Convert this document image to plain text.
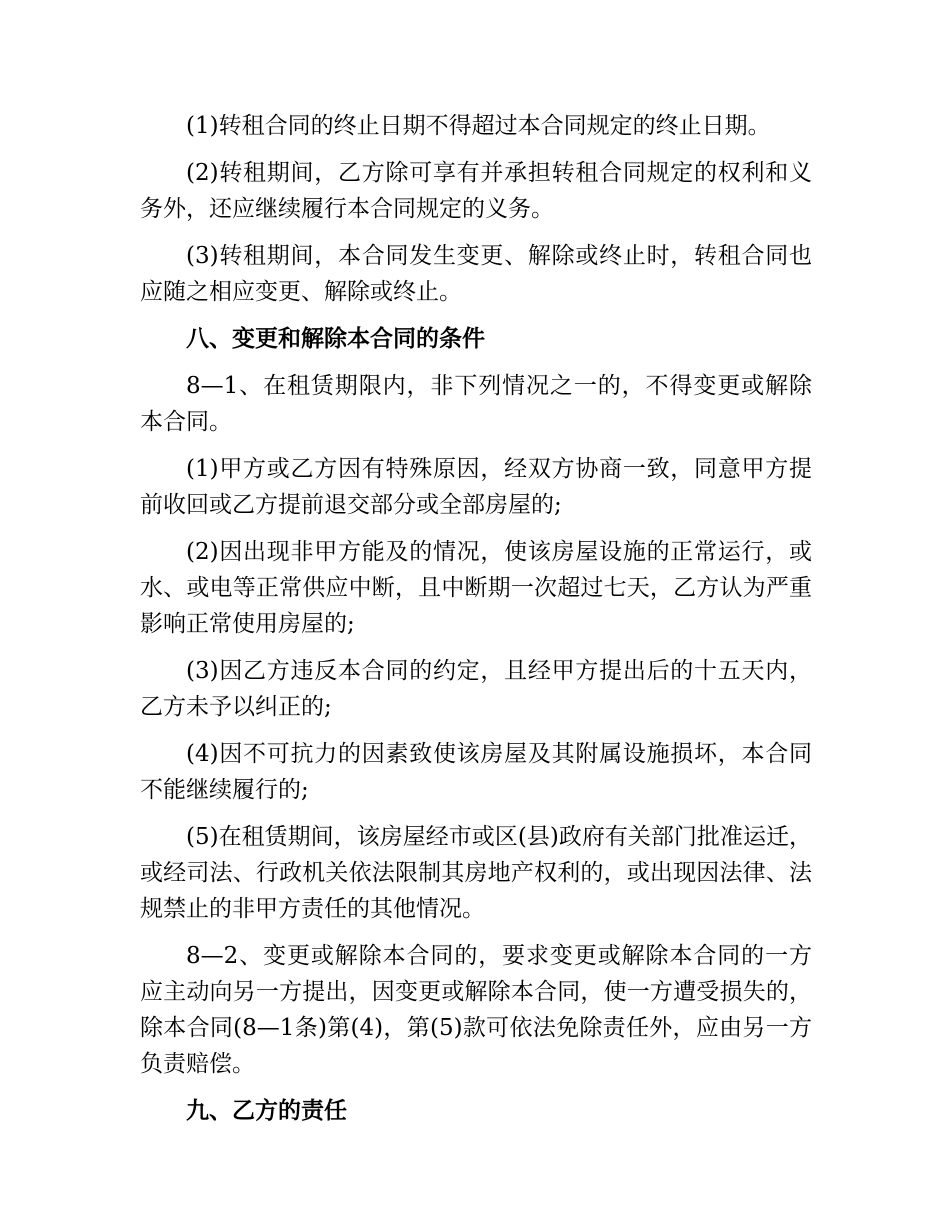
(1)转租合同的终止日期不得超过本合同规定的终止日期。

(2)转租期间，乙方除可享有并承担转租合同规定的权利和义务外，还应继续履行本合同规定的义务。

(3)转租期间，本合同发生变更、解除或终止时，转租合同也应随之相应变更、解除或终止。

八、变更和解除本合同的条件

8—1、在租赁期限内，非下列情况之一的，不得变更或解除本合同。

(1)甲方或乙方因有特殊原因，经双方协商一致，同意甲方提前收回或乙方提前退交部分或全部房屋的;

(2)因出现非甲方能及的情况，使该房屋设施的正常运行，或水、或电等正常供应中断，且中断期一次超过七天，乙方认为严重影响正常使用房屋的;

(3)因乙方违反本合同的约定，且经甲方提出后的十五天内，乙方未予以纠正的;

(4)因不可抗力的因素致使该房屋及其附属设施损坏，本合同不能继续履行的;

(5)在租赁期间，该房屋经市或区(县)政府有关部门批准运迁，或经司法、行政机关依法限制其房地产权利的，或出现因法律、法规禁止的非甲方责任的其他情况。

8—2、变更或解除本合同的，要求变更或解除本合同的一方应主动向另一方提出，因变更或解除本合同，使一方遭受损失的，除本合同(8—1条)第(4)，第(5)款可依法免除责任外，应由另一方负责赔偿。

九、乙方的责任
